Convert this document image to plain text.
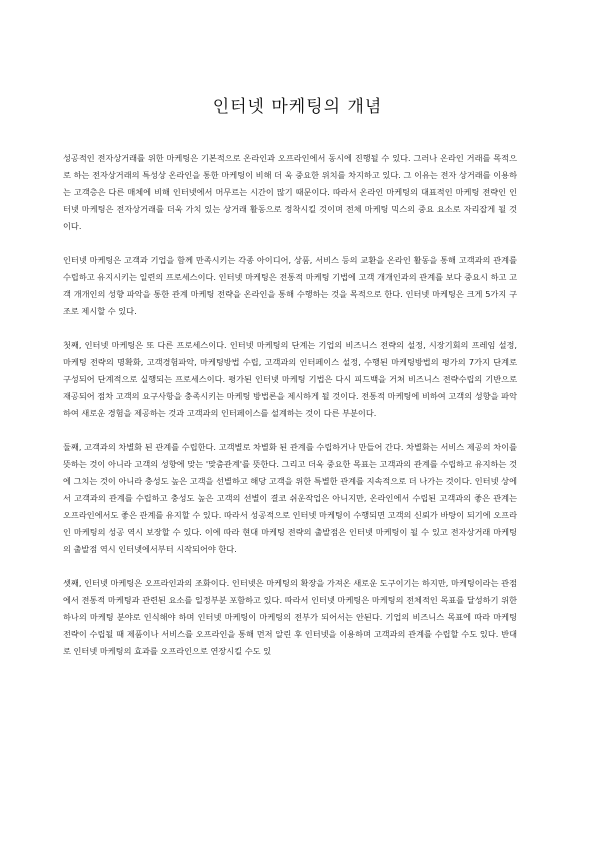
인터넷 마케팅의 개념

성공적인 전자상거래를 위한 마케팅은 기본적으로 온라인과 오프라인에서 동시에 진행될 수 있다. 그러나 온라인 거래를 목적으로 하는 전자상거래의 특성상 온라인을 통한 마케팅이 비해 더 욱 중요한 위치를 차지하고 있다. 그 이유는 전자 상거래를 이용하는 고객층은 다른 매체에 비해 인터넷에서 머무르는 시간이 많기 때문이다. 따라서 온라인 마케팅의 대표적인 마케팅 전략인 인터넷 마케팅은 전자상거래를 더욱 가치 있는 상거래 활동으로 정착시킬 것이며 전체 마케팅 믹스의 중요 요소로 자리잡게 될 것이다.

인터넷 마케팅은 고객과 기업을 함께 만족시키는 각종 아이디어, 상품, 서비스 등의 교환을 온라인 활동을 통해 고객과의 관계를 수립하고 유지시키는 일련의 프로세스이다. 인터넷 마케팅은 전통적 마케팅 기법에 고객 개개인과의 관계를 보다 중요시 하고 고객 개개인의 성향 파악을 통한 관계 마케팅 전략을 온라인을 통해 수행하는 것을 목적으로 한다. 인터넷 마케팅은 크게 5가지 구조로 제시할 수 있다.

첫째, 인터넷 마케팅은 또 다른 프로세스이다. 인터넷 마케팅의 단계는 기업의 비즈니스 전략의 설정, 시장기회의 프레임 설정, 마케팅 전략의 명확화, 고객경험파악, 마케팅방법 수립, 고객과의 인터페이스 설정, 수행된 마케팅방법의 평가의 7가지 단계로 구성되어 단계적으로 실행되는 프로세스이다. 평가된 인터넷 마케팅 기법은 다시 피드백을 거쳐 비즈니스 전략수립의 기반으로 재공되어 점차 고객의 요구사항을 충족시키는 마케팅 방법론을 제시하게 될 것이다. 전통적 마케팅에 비하여 고객의 성향을 파악하여 새로운 경험을 제공하는 것과 고객과의 인터페이스를 설계하는 것이 다른 부분이다.

둘째, 고객과의 차별화 된 관계를 수립한다. 고객별로 차별화 된 관계를 수립하거나 만들어 간다. 차별화는 서비스 제공의 차이를 뜻하는 것이 아니라 고객의 성향에 맞는 '맞춤관계'를 뜻한다. 그리고 더욱 중요한 목표는 고객과의 관계를 수립하고 유지하는 것에 그치는 것이 아니라 충성도 높은 고객을 선별하고 해당 고객을 위한 특별한 관계를 지속적으로 더 나가는 것이다. 인터넷 상에서 고객과의 관계를 수립하고 충성도 높은 고객의 선별이 결코 쉬운작업은 아니지만, 온라인에서 수립된 고객과의 좋은 관계는 오프라인에서도 좋은 관계를 유지할 수 있다. 따라서 성공적으로 인터넷 마케팅이 수행되면 고객의 신뢰가 바탕이 되기에 오프라인 마케팅의 성공 역시 보장할 수 있다. 이에 따라 현대 마케팅 전략의 출발점은 인터넷 마케팅이 될 수 있고 전자상거래 마케팅의 출발점 역시 인터넷에서부터 시작되어야 한다.

셋째, 인터넷 마케팅은 오프라인과의 조화이다. 인터넷은 마케팅의 확장을 가져온 새로운 도구이기는 하지만, 마케팅이라는 관점에서 전통적 마케팅과 관련된 요소를 일정부분 포함하고 있다. 따라서 인터넷 마케팅은 마케팅의 전체적인 목표를 달성하기 위한 하나의 마케팅 분야로 인식해야 하며 인터넷 마케팅이 마케팅의 전부가 되어서는 안된다. 기업의 비즈니스 목표에 따라 마케팅 전략이 수립될 때 제품이나 서비스를 오프라인을 통해 먼저 알린 후 인터넷을 이용하며 고객과의 관계를 수립할 수도 있다. 반대로 인터넷 마케팅의 효과를 오프라인으로 연장시킬 수도 있
